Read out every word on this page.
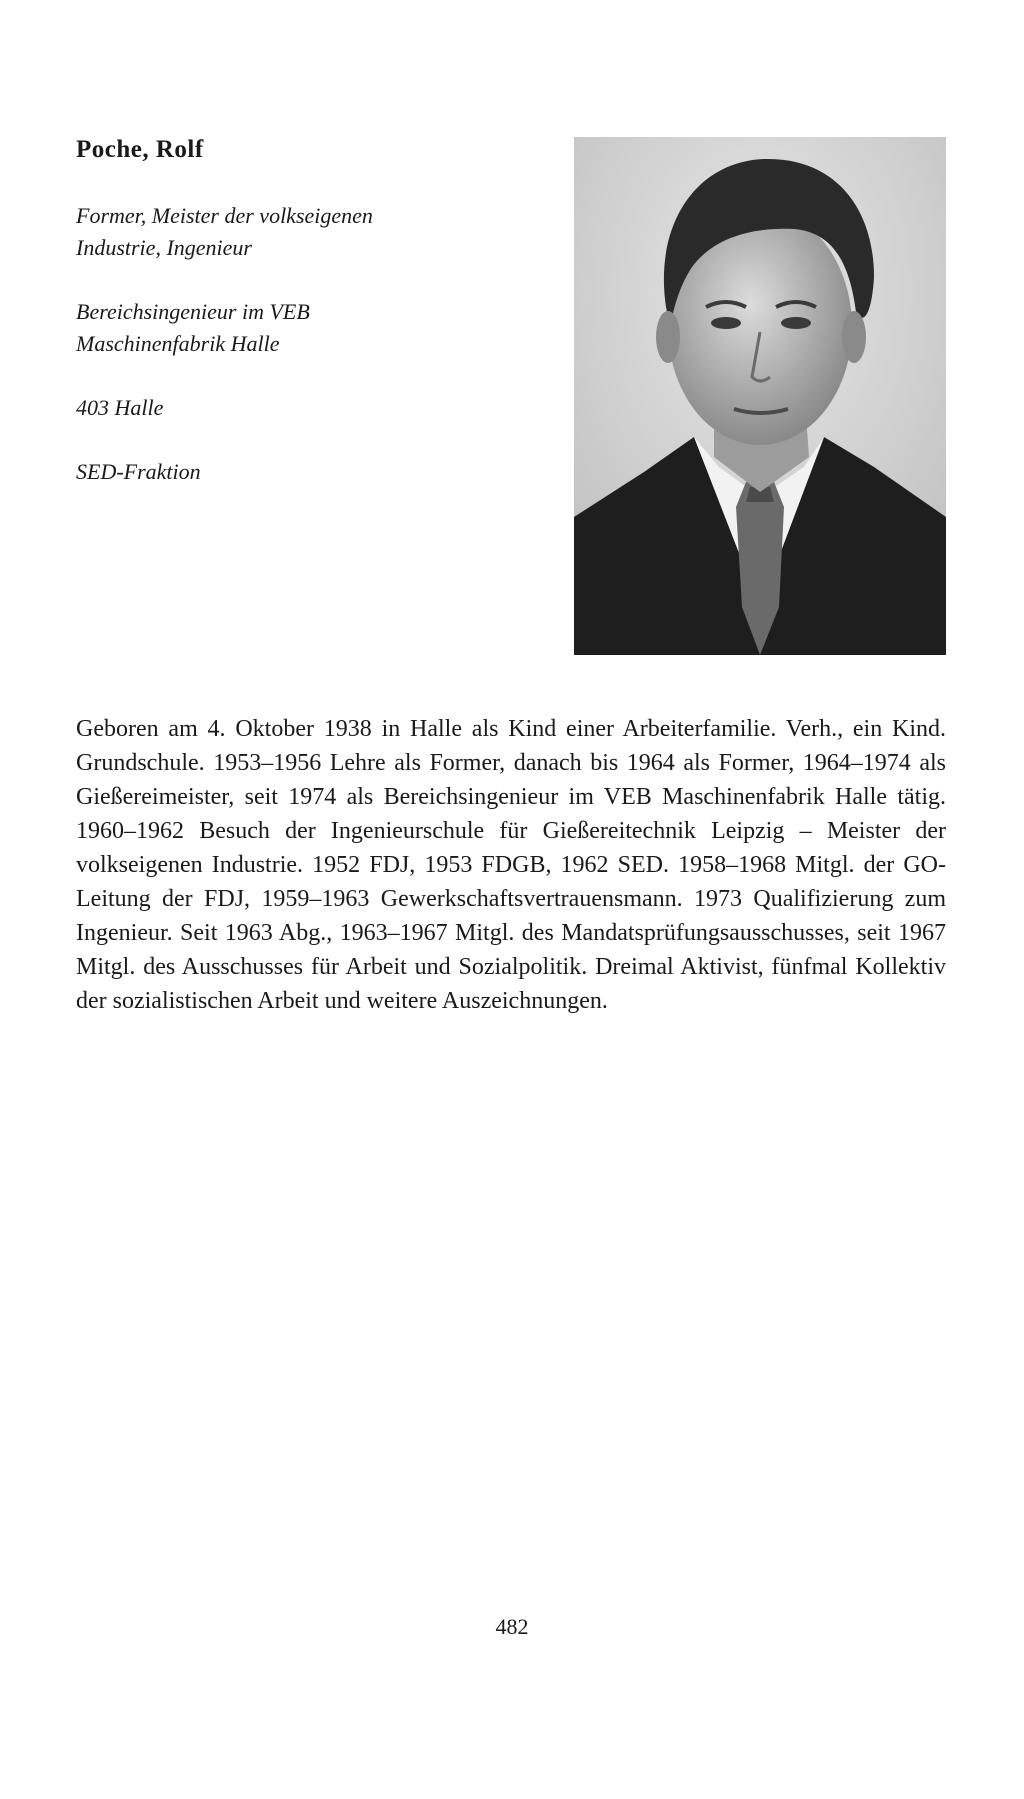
Poche, Rolf

Former, Meister der volkseigenen
Industrie, Ingenieur

Bereichsingenieur im VEB
Maschinenfabrik Halle

403 Halle

SED-Fraktion

Geboren am 4. Oktober 1938 in Halle als Kind einer Arbeiterfamilie. Verh., ein Kind. Grundschule. 1953–1956 Lehre als Former, danach bis 1964 als Former, 1964–1974 als Gießereimeister, seit 1974 als Bereichsingenieur im VEB Maschinenfabrik Halle tätig. 1960–1962 Besuch der Ingenieurschule für Gießereitechnik Leipzig – Meister der volkseigenen Industrie. 1952 FDJ, 1953 FDGB, 1962 SED. 1958–1968 Mitgl. der GO-Leitung der FDJ, 1959–1963 Gewerkschaftsvertrauensmann. 1973 Qualifizierung zum Ingenieur. Seit 1963 Abg., 1963–1967 Mitgl. des Mandatsprüfungsausschusses, seit 1967 Mitgl. des Ausschusses für Arbeit und Sozialpolitik. Dreimal Aktivist, fünfmal Kollektiv der sozialistischen Arbeit und weitere Auszeichnungen.

482
